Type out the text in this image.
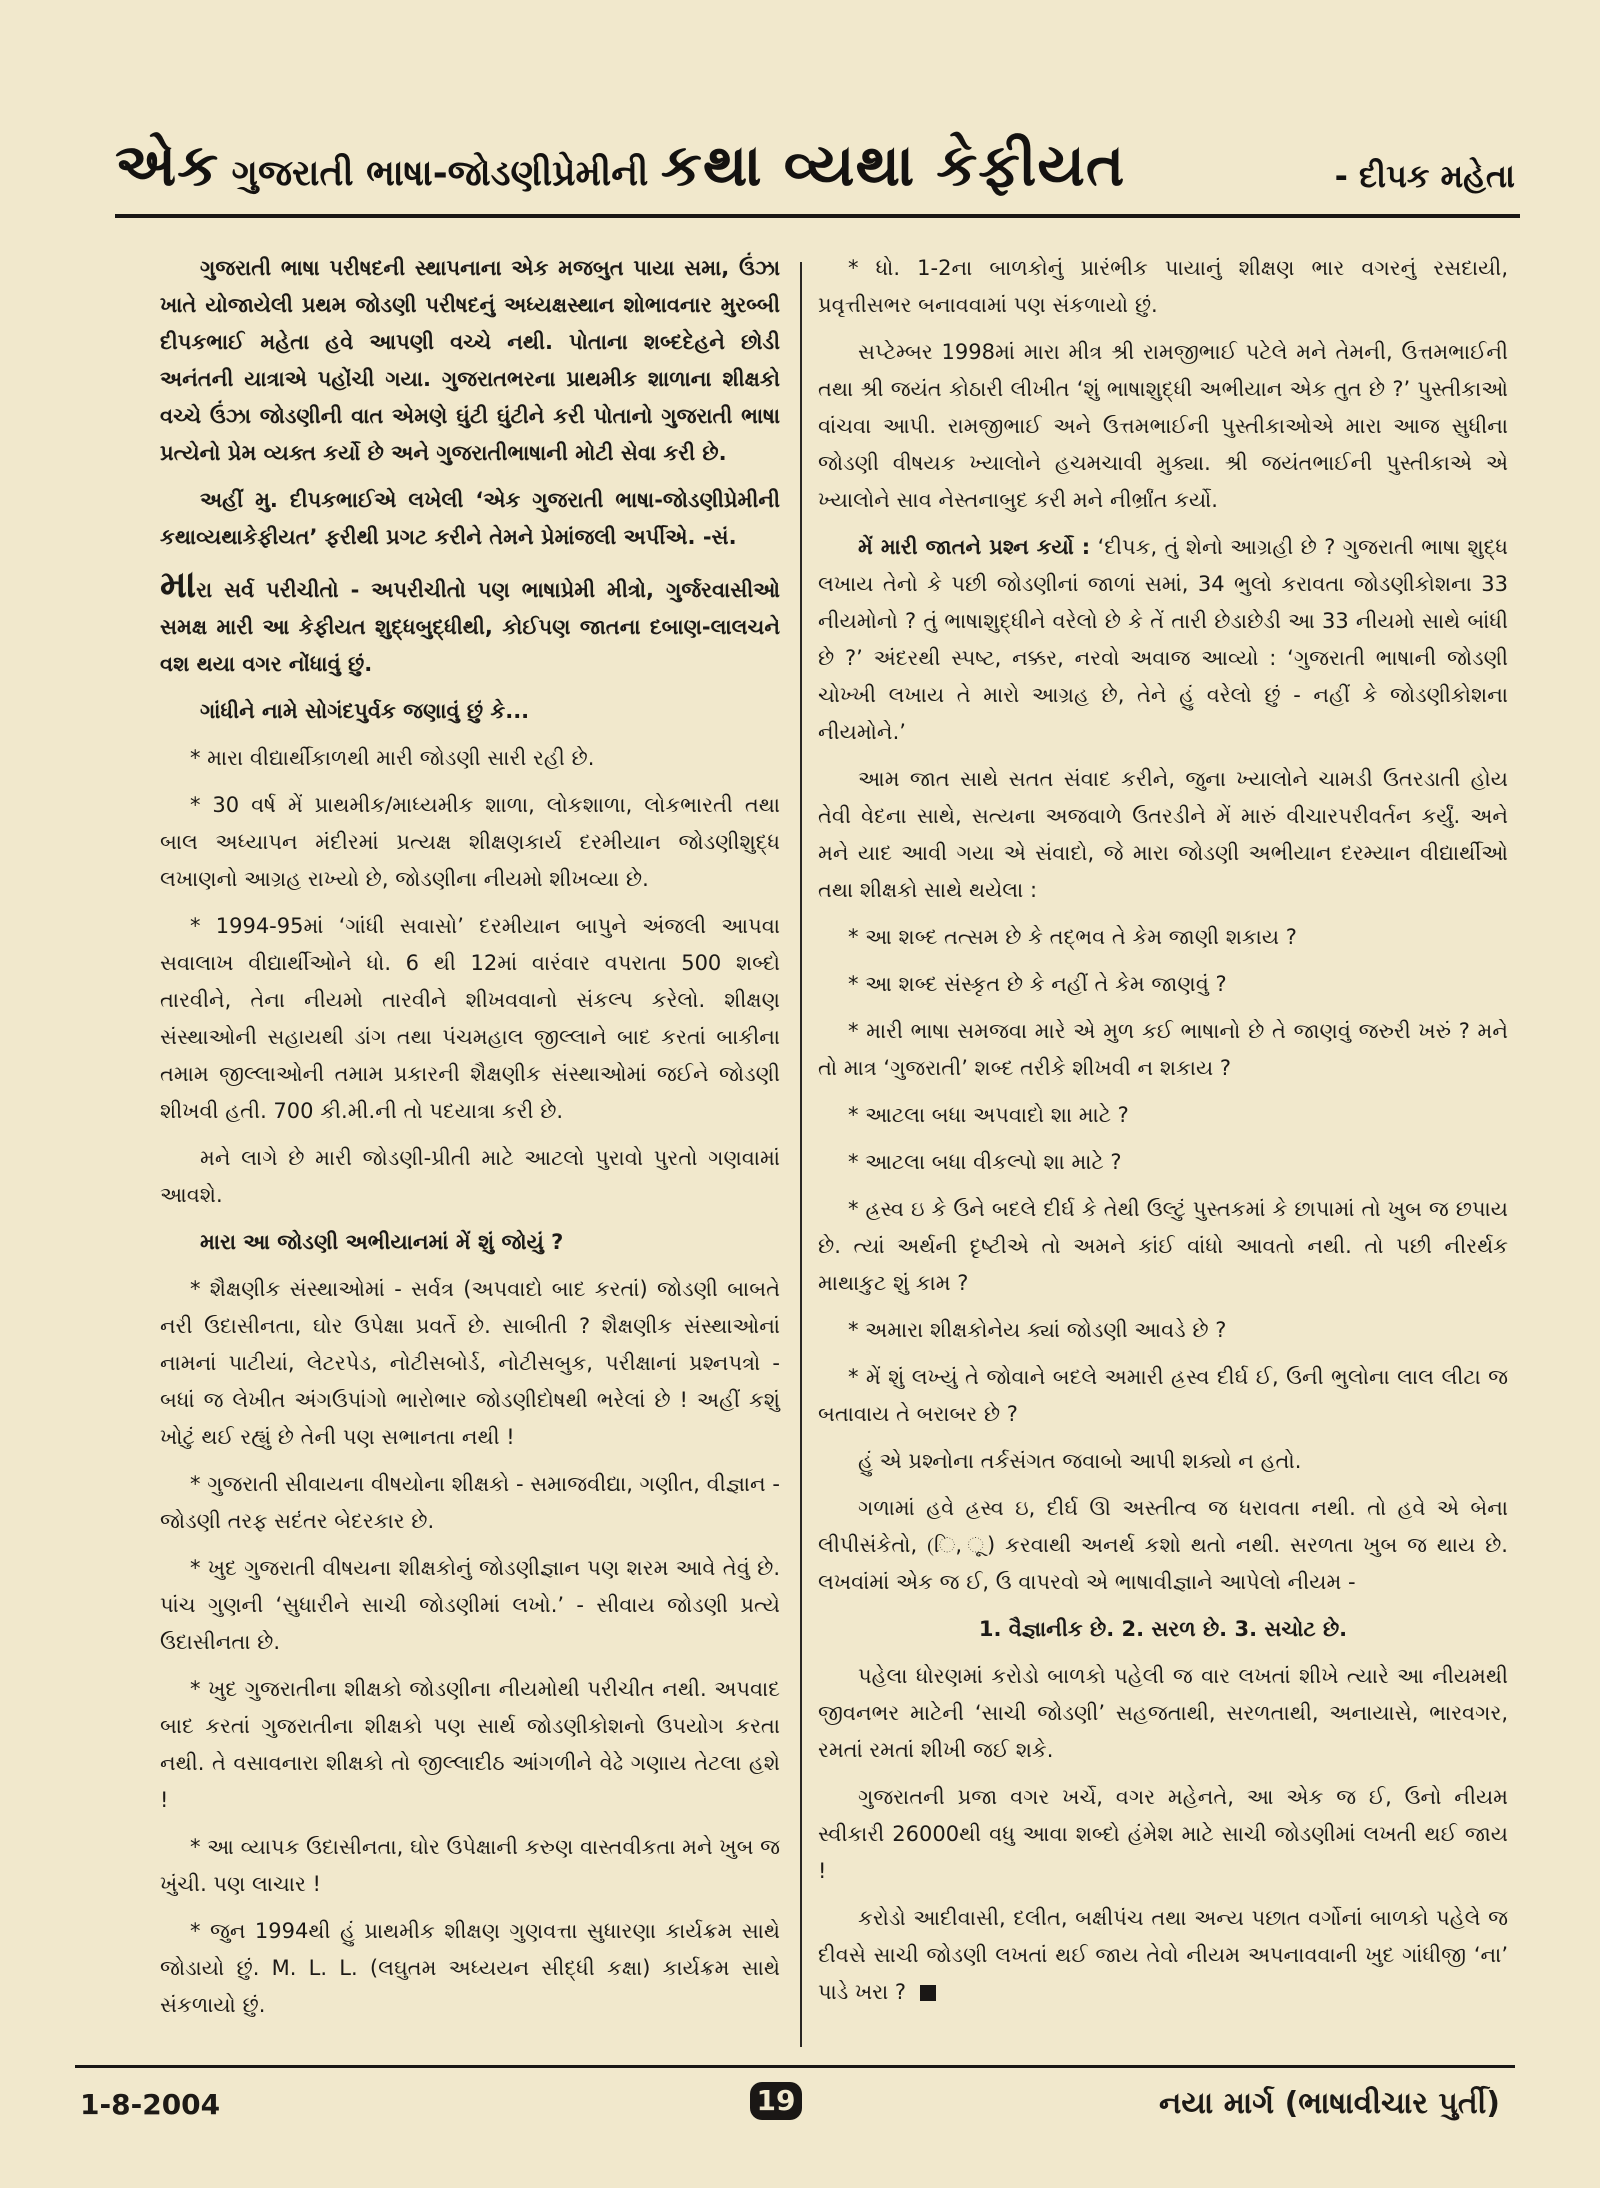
એક ગુજરાતી ભાષા-જોડણીપ્રેમીની કથા વ્યથા કેફીયત	- દીપક મહેતા

ગુજરાતી ભાષા પરીષદની સ્થાપનાના એક મજબુત પાયા સમા, ઉંઝા ખાતે યોજાયેલી પ્રથમ જોડણી પરીષદનું અધ્યક્ષસ્થાન શોભાવનાર મુરબ્બી દીપકભાઈ મહેતા હવે આપણી વચ્ચે નથી. પોતાના શબ્દદેહને છોડી અનંતની યાત્રાએ પહોંચી ગયા. ગુજરાતભરના પ્રાથમીક શાળાના શીક્ષકો વચ્ચે ઉંઝા જોડણીની વાત એમણે ઘુંટી ઘુંટીને કરી પોતાનો ગુજરાતી ભાષા પ્રત્યેનો પ્રેમ વ્યક્ત કર્યો છે અને ગુજરાતીભાષાની મોટી સેવા કરી છે.

અહીં મુ. દીપકભાઈએ લખેલી ‘એક ગુજરાતી ભાષા-જોડણીપ્રેમીની કથાવ્યથાકેફીયત’ ફરીથી પ્રગટ કરીને તેમને પ્રેમાંજલી અર્પીએ. -સં.

મારા સર્વ પરીચીતો - અપરીચીતો પણ ભાષાપ્રેમી મીત્રો, ગુર્જરવાસીઓ સમક્ષ મારી આ કેફીયત શુદ્ધબુદ્ધીથી, કોઈપણ જાતના દબાણ-લાલચને વશ થયા વગર નોંધાવું છું.

ગાંધીને નામે સોગંદપુર્વક જણાવું છું કે...

* મારા વીદ્યાર્થીકાળથી મારી જોડણી સારી રહી છે.

* 30 વર્ષ મેં પ્રાથમીક/માધ્યમીક શાળા, લોકશાળા, લોકભારતી તથા બાલ અધ્યાપન મંદીરમાં પ્રત્યક્ષ શીક્ષણકાર્ય દરમીયાન જોડણીશુદ્ધ લખાણનો આગ્રહ રાખ્યો છે, જોડણીના નીયમો શીખવ્યા છે.

* 1994-95માં ‘ગાંધી સવાસો’ દરમીયાન બાપુને અંજલી આપવા સવાલાખ વીદ્યાર્થીઓને ધો. 6 થી 12માં વારંવાર વપરાતા 500 શબ્દો તારવીને, તેના નીયમો તારવીને શીખવવાનો સંકલ્પ કરેલો. શીક્ષણ સંસ્થાઓની સહાયથી ડાંગ તથા પંચમહાલ જીલ્લાને બાદ કરતાં બાકીના તમામ જીલ્લાઓની તમામ પ્રકારની શૈક્ષણીક સંસ્થાઓમાં જઈને જોડણી શીખવી હતી. 700 કી.મી.ની તો પદયાત્રા કરી છે.

મને લાગે છે મારી જોડણી-પ્રીતી માટે આટલો પુરાવો પુરતો ગણવામાં આવશે.

મારા આ જોડણી અભીયાનમાં મેં શું જોયું ?

* શૈક્ષણીક સંસ્થાઓમાં - સર્વત્ર (અપવાદો બાદ કરતાં) જોડણી બાબતે નરી ઉદાસીનતા, ઘોર ઉપેક્ષા પ્રવર્તે છે. સાબીતી ? શૈક્ષણીક સંસ્થાઓનાં નામનાં પાટીયાં, લેટરપેડ, નોટીસબોર્ડ, નોટીસબુક, પરીક્ષાનાં પ્રશ્નપત્રો - બધાં જ લેખીત અંગઉપાંગો ભારોભાર જોડણીદોષથી ભરેલાં છે ! અહીં કશું ખોટું થઈ રહ્યું છે તેની પણ સભાનતા નથી !

* ગુજરાતી સીવાયના વીષયોના શીક્ષકો - સમાજવીદ્યા, ગણીત, વીજ્ઞાન - જોડણી તરફ સદંતર બેદરકાર છે.

* ખુદ ગુજરાતી વીષયના શીક્ષકોનું જોડણીજ્ઞાન પણ શરમ આવે તેવું છે. પાંચ ગુણની ‘સુધારીને સાચી જોડણીમાં લખો.’ - સીવાય જોડણી પ્રત્યે ઉદાસીનતા છે.

* ખુદ ગુજરાતીના શીક્ષકો જોડણીના નીયમોથી પરીચીત નથી. અપવાદ બાદ કરતાં ગુજરાતીના શીક્ષકો પણ સાર્થ જોડણીકોશનો ઉપયોગ કરતા નથી. તે વસાવનારા શીક્ષકો તો જીલ્લાદીઠ આંગળીને વેઢે ગણાય તેટલા હશે !

* આ વ્યાપક ઉદાસીનતા, ઘોર ઉપેક્ષાની કરુણ વાસ્તવીકતા મને ખુબ જ ખુંચી. પણ લાચાર !

* જુન 1994થી હું પ્રાથમીક શીક્ષણ ગુણવત્તા સુધારણા કાર્યક્રમ સાથે જોડાયો છું. M. L. L. (લઘુતમ અધ્યયન સીદ્ધી કક્ષા) કાર્યક્રમ સાથે સંકળાયો છું.

* ધો. 1-2ના બાળકોનું પ્રારંભીક પાયાનું શીક્ષણ ભાર વગરનું રસદાયી, પ્રવૃત્તીસભર બનાવવામાં પણ સંકળાયો છું.

સપ્ટેમ્બર 1998માં મારા મીત્ર શ્રી રામજીભાઈ પટેલે મને તેમની, ઉત્તમભાઈની તથા શ્રી જયંત કોઠારી લીખીત ‘શું ભાષાશુદ્ધી અભીયાન એક તુત છે ?’ પુસ્તીકાઓ વાંચવા આપી. રામજીભાઈ અને ઉત્તમભાઈની પુસ્તીકાઓએ મારા આજ સુધીના જોડણી વીષયક ખ્યાલોને હચમચાવી મુક્યા. શ્રી જયંતભાઈની પુસ્તીકાએ એ ખ્યાલોને સાવ નેસ્તનાબુદ કરી મને નીર્ભ્રાંત કર્યો.

મેં મારી જાતને પ્રશ્ન કર્યો : ‘દીપક, તું શેનો આગ્રહી છે ? ગુજરાતી ભાષા શુદ્ધ લખાય તેનો કે પછી જોડણીનાં જાળાં સમાં, 34 ભુલો કરાવતા જોડણીકોશના 33 નીયમોનો ? તું ભાષાશુદ્ધીને વરેલો છે કે તેં તારી છેડાછેડી આ 33 નીયમો સાથે બાંધી છે ?’ અંદરથી સ્પષ્ટ, નક્કર, નરવો અવાજ આવ્યો : ‘ગુજરાતી ભાષાની જોડણી ચોખ્ખી લખાય તે મારો આગ્રહ છે, તેને હું વરેલો છું - નહીં કે જોડણીકોશના નીયમોને.’

આમ જાત સાથે સતત સંવાદ કરીને, જુના ખ્યાલોને ચામડી ઉતરડાતી હોય તેવી વેદના સાથે, સત્યના અજવાળે ઉતરડીને મેં મારું વીચારપરીવર્તન કર્યું. અને મને યાદ આવી ગયા એ સંવાદો, જે મારા જોડણી અભીયાન દરમ્યાન વીદ્યાર્થીઓ તથા શીક્ષકો સાથે થયેલા :

* આ શબ્દ તત્સમ છે કે તદ્ભવ તે કેમ જાણી શકાય ?

* આ શબ્દ સંસ્કૃત છે કે નહીં તે કેમ જાણવું ?

* મારી ભાષા સમજવા મારે એ મુળ કઈ ભાષાનો છે તે જાણવું જરુરી ખરું ? મને તો માત્ર ‘ગુજરાતી’ શબ્દ તરીકે શીખવી ન શકાય ?

* આટલા બધા અપવાદો શા માટે ?

* આટલા બધા વીકલ્પો શા માટે ?

* હ્રસ્વ ઇ કે ઉને બદલે દીર્ઘ કે તેથી ઉલ્ટું પુસ્તકમાં કે છાપામાં તો ખુબ જ છપાય છે. ત્યાં અર્થની દૃષ્ટીએ તો અમને કાંઈ વાંધો આવતો નથી. તો પછી નીરર્થક માથાકુટ શું કામ ?

* અમારા શીક્ષકોનેય ક્યાં જોડણી આવડે છે ?

* મેં શું લખ્યું તે જોવાને બદલે અમારી હ્રસ્વ દીર્ઘ ઈ, ઉની ભુલોના લાલ લીટા જ બતાવાય તે બરાબર છે ?

હું એ પ્રશ્નોના તર્કસંગત જવાબો આપી શક્યો ન હતો.

ગળામાં હવે હ્રસ્વ ઇ, દીર્ઘ ઊ અસ્તીત્વ જ ધરાવતા નથી. તો હવે એ બેના લીપીસંકેતો, (િ, ૂ) કરવાથી અનર્થ કશો થતો નથી. સરળતા ખુબ જ થાય છે. લખવાંમાં એક જ ઈ, ઉ વાપરવો એ ભાષાવીજ્ઞાને આપેલો નીયમ -

1. વૈજ્ઞાનીક છે. 2. સરળ છે. 3. સચોટ છે.

પહેલા ધોરણમાં કરોડો બાળકો પહેલી જ વાર લખતાં શીખે ત્યારે આ નીયમથી જીવનભર માટેની ‘સાચી જોડણી’ સહજતાથી, સરળતાથી, અનાયાસે, ભારવગર, રમતાં રમતાં શીખી જઈ શકે.

ગુજરાતની પ્રજા વગર ખર્ચે, વગર મહેનતે, આ એક જ ઈ, ઉનો નીયમ સ્વીકારી 26000થી વધુ આવા શબ્દો હંમેશ માટે સાચી જોડણીમાં લખતી થઈ જાય !

કરોડો આદીવાસી, દલીત, બક્ષીપંચ તથા અન્ય પછાત વર્ગોનાં બાળકો પહેલે જ દીવસે સાચી જોડણી લખતાં થઈ જાય તેવો નીયમ અપનાવવાની ખુદ ગાંધીજી ‘ના’ પાડે ખરા ?

1-8-2004	19	નયા માર્ગ (ભાષાવીચાર પુર્તી)
